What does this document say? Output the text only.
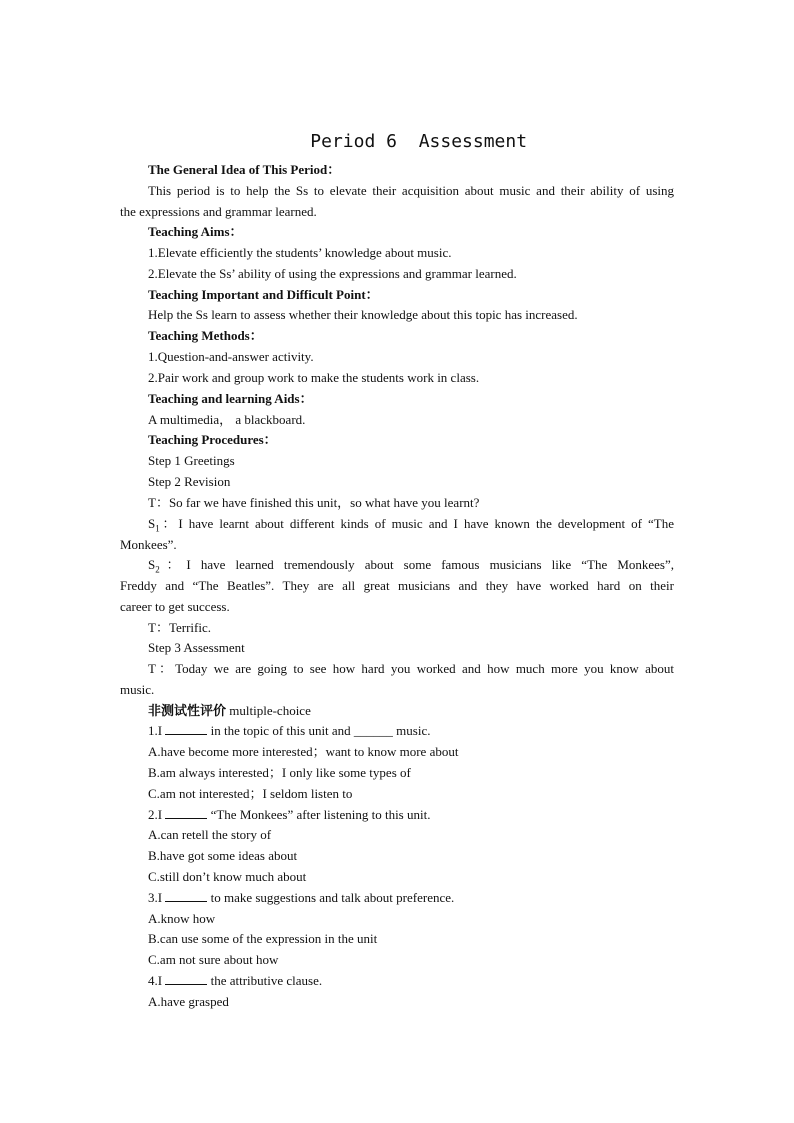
Period 6 Assessment

The General Idea of This Period：
This period is to help the Ss to elevate their acquisition about music and their ability of using
the expressions and grammar learned.
Teaching Aims：
1.Elevate efficiently the students’ knowledge about music.
2.Elevate the Ss’ ability of using the expressions and grammar learned.
Teaching Important and Difficult Point：
Help the Ss learn to assess whether their knowledge about this topic has increased.
Teaching Methods：
1.Question-and-answer activity.
2.Pair work and group work to make the students work in class.
Teaching and learning Aids：
A multimedia， a blackboard.
Teaching Procedures：
Step 1 Greetings
Step 2 Revision
T：So far we have finished this unit，so what have you learnt?
$S_1$：I have learnt about different kinds of music and I have known the development of “The
Monkees”.
$S_2$：I have learned tremendously about some famous musicians like “The Monkees”,
Freddy and “The Beatles”. They are all great musicians and they have worked hard on their
career to get success.
T：Terrific.
Step 3 Assessment
T：Today we are going to see how hard you worked and how much more you know about
music.
非测试性评价 multiple-choice
1.I	in the topic of this unit and ______ music.
A.have become more interested；want to know more about
B.am always interested；I only like some types of
C.am not interested；I seldom listen to
2.I	“The Monkees” after listening to this unit.
A.can retell the story of
B.have got some ideas about
C.still don’t know much about
3.I	to make suggestions and talk about preference.
A.know how
B.can use some of the expression in the unit
C.am not sure about how
4.I	the attributive clause.
A.have grasped
